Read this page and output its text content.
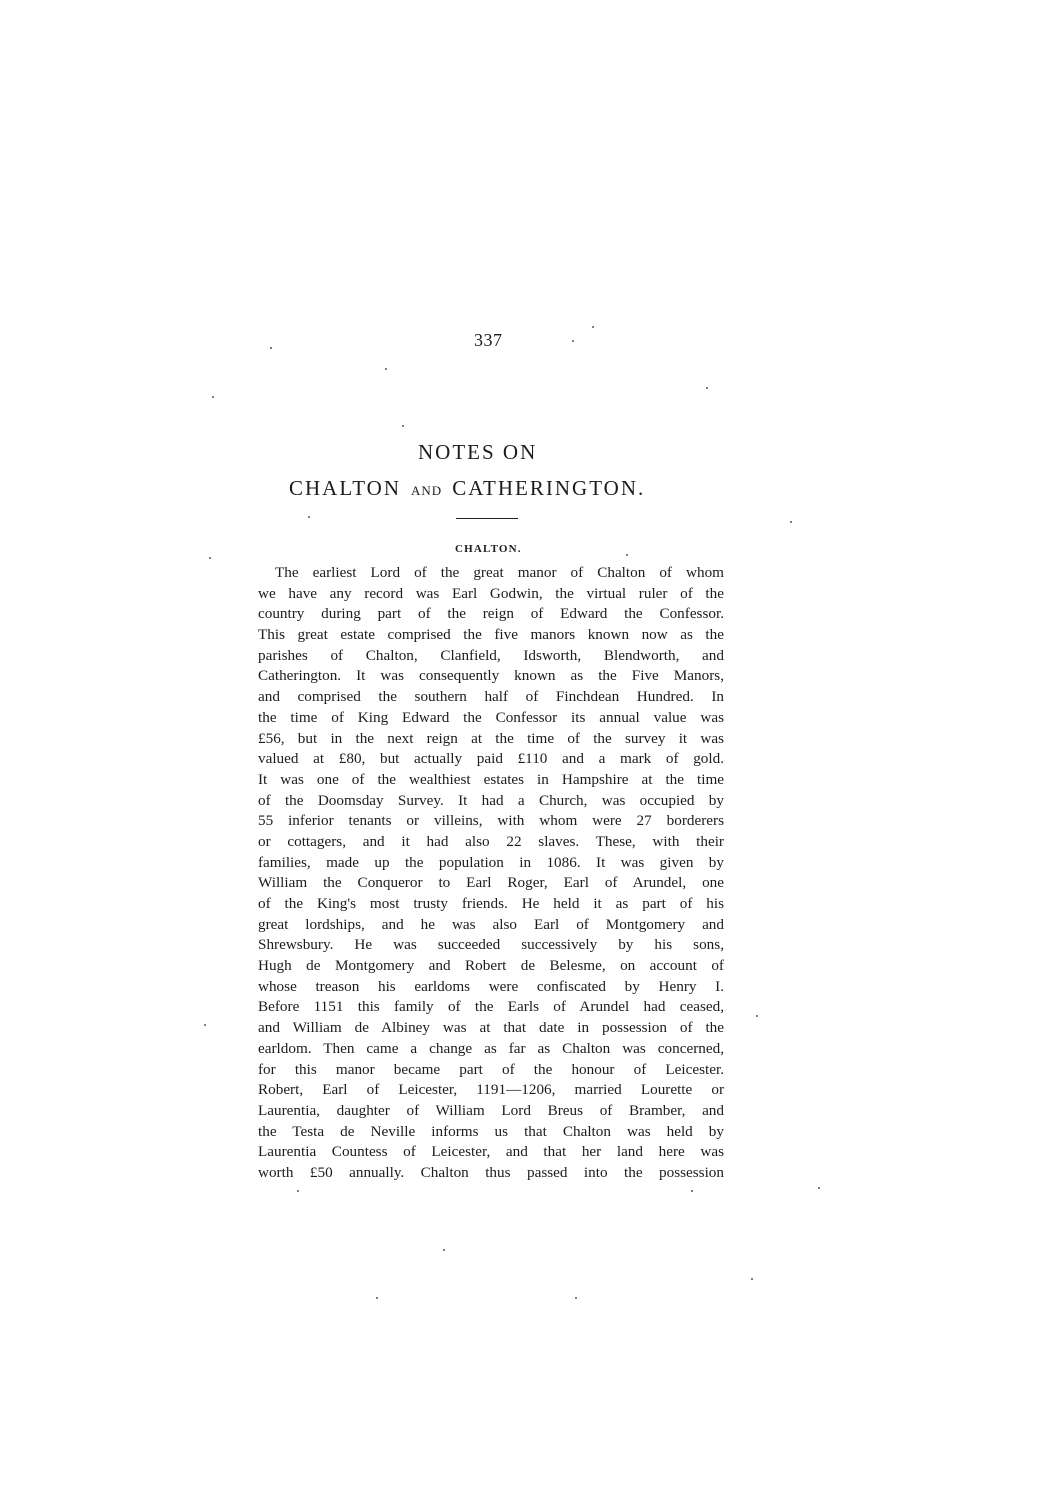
337
NOTES ON
CHALTON AND CATHERINGTON.
CHALTON.
The earliest Lord of the great manor of Chalton of whom
we have any record was Earl Godwin, the virtual ruler of the
country during part of the reign of Edward the Confessor.
This great estate comprised the five manors known now as the
parishes of Chalton, Clanfield, Idsworth, Blendworth, and
Catherington. It was consequently known as the Five Manors,
and comprised the southern half of Finchdean Hundred. In
the time of King Edward the Confessor its annual value was
£56, but in the next reign at the time of the survey it was
valued at £80, but actually paid £110 and a mark of gold.
It was one of the wealthiest estates in Hampshire at the time
of the Doomsday Survey. It had a Church, was occupied by
55 inferior tenants or villeins, with whom were 27 borderers
or cottagers, and it had also 22 slaves. These, with their
families, made up the population in 1086. It was given by
William the Conqueror to Earl Roger, Earl of Arundel, one
of the King's most trusty friends. He held it as part of his
great lordships, and he was also Earl of Montgomery and
Shrewsbury. He was succeeded successively by his sons,
Hugh de Montgomery and Robert de Belesme, on account of
whose treason his earldoms were confiscated by Henry I.
Before 1151 this family of the Earls of Arundel had ceased,
and William de Albiney was at that date in possession of the
earldom. Then came a change as far as Chalton was concerned,
for this manor became part of the honour of Leicester.
Robert, Earl of Leicester, 1191—1206, married Lourette or
Laurentia, daughter of William Lord Breus of Bramber, and
the Testa de Neville informs us that Chalton was held by
Laurentia Countess of Leicester, and that her land here was
worth £50 annually. Chalton thus passed into the possession
